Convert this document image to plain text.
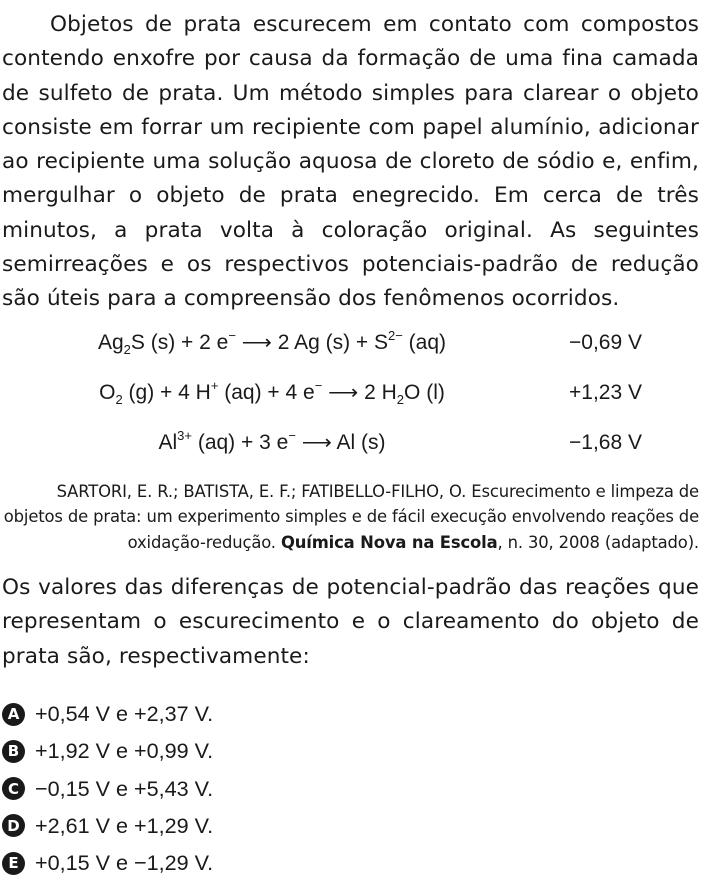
Objetos de prata escurecem em contato com compostos contendo enxofre por causa da formação de uma fina camada de sulfeto de prata. Um método simples para clarear o objeto consiste em forrar um recipiente com papel alumínio, adicionar ao recipiente uma solução aquosa de cloreto de sódio e, enfim, mergulhar o objeto de prata enegrecido. Em cerca de três minutos, a prata volta à coloração original. As seguintes semirreações e os respectivos potenciais-padrão de redução são úteis para a compreensão dos fenômenos ocorridos.

$Ag_2S$ (s) + 2 e− ⟶ 2 Ag $(s) + S^{2-}$ (aq)	−0,69 V
$O_2$ (g) + 4 H+ (aq) + 4 e− ⟶ 2 $H_2O$ (l)	+1,23 V
$Al^{3+}$ (aq) + 3 e− ⟶ Al (s)	−1,68 V
SARTORI, E. R.; BATISTA, E. F.; FATIBELLO-FILHO, O. Escurecimento e limpeza de objetos de prata: um experimento simples e de fácil execução envolvendo reações de oxidação-redução. Química Nova na Escola, n. 30, 2008 (adaptado).

Os valores das diferenças de potencial-padrão das reações que representam o escurecimento e o clareamento do objeto de prata são, respectivamente:

A +0,54 V e +2,37 V.
B +1,92 V e +0,99 V.
C −0,15 V e +5,43 V.
D +2,61 V e +1,29 V.
E +0,15 V e −1,29 V.
